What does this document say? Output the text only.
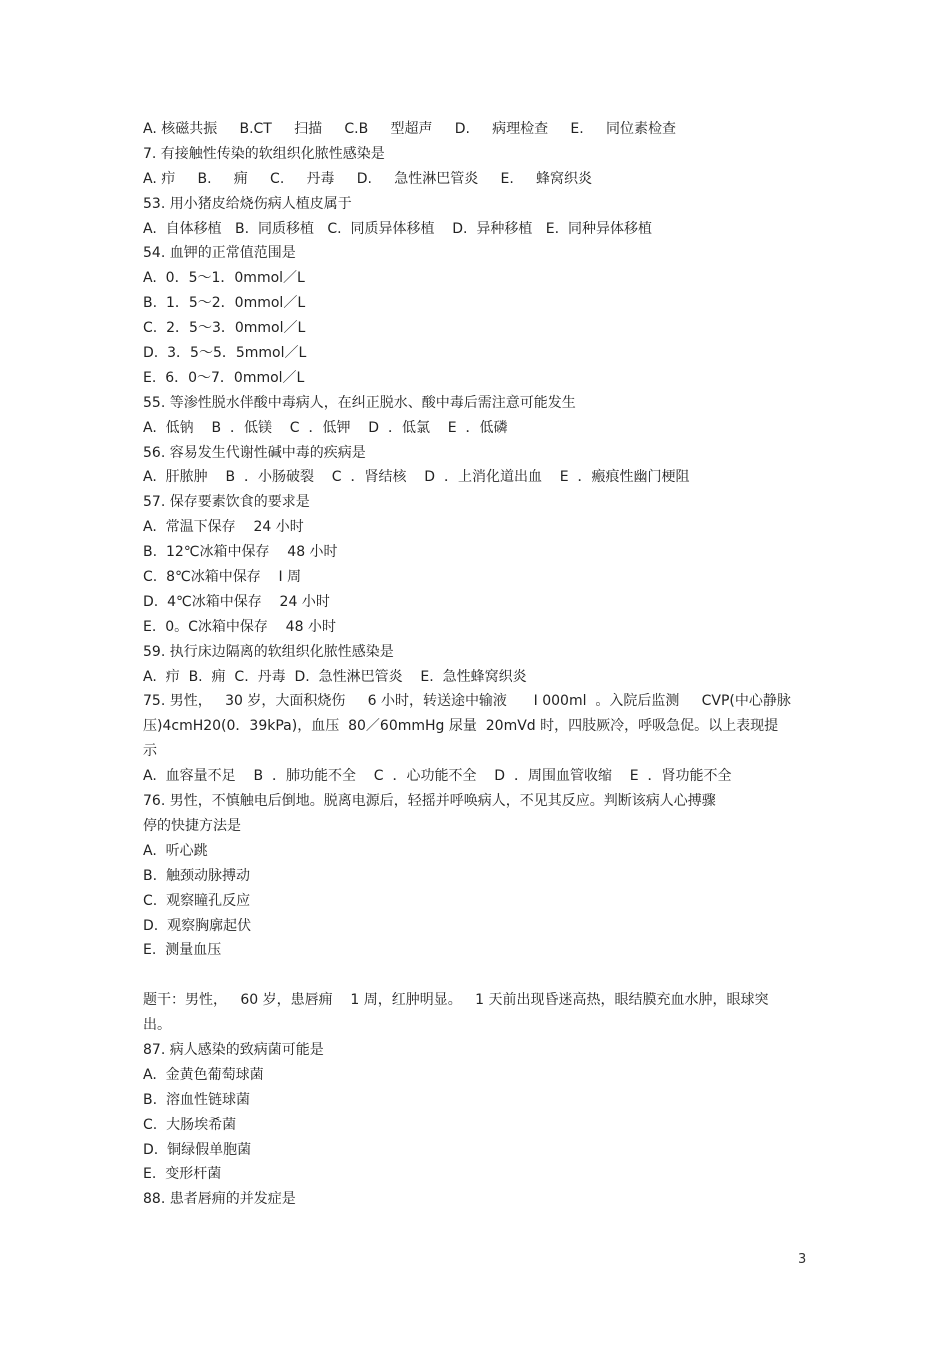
A. 核磁共振     B.CT     扫描     C.B     型超声     D.     病理检查     E.     同位素检查
7. 有接触性传染的软组织化脓性感染是
A. 疖     B.     痈     C.     丹毒     D.     急性淋巴管炎     E.     蜂窝织炎
53. 用小猪皮给烧伤病人植皮属于
A.  自体移植   B.  同质移植   C.  同质异体移植    D.  异种移植   E.  同种异体移植
54. 血钾的正常值范围是
A.  0．5～1．0mmol／L
B.  1．5～2．0mmol／L
C.  2．5～3．0mmol／L
D.  3．5～5．5mmol／L
E.  6．0～7．0mmol／L
55. 等渗性脱水伴酸中毒病人，在纠正脱水、酸中毒后需注意可能发生
A.  低钠    B  ．低镁    C  ．低钾    D  ．低氯    E  ．低磷
56. 容易发生代谢性碱中毒的疾病是
A.  肝脓肿    B  ．小肠破裂    C  ．肾结核    D  ．上消化道出血    E  ．瘢痕性幽门梗阻
57. 保存要素饮食的要求是
A.  常温下保存    24 小时
B.  12℃冰箱中保存    48 小时
C.  8℃冰箱中保存    I 周
D.  4℃冰箱中保存    24 小时
E.  0。C冰箱中保存    48 小时
59. 执行床边隔离的软组织化脓性感染是
A.  疖  B.  痈  C.  丹毒  D.  急性淋巴管炎    E.  急性蜂窝织炎
75. 男性，   30 岁，大面积烧伤     6 小时，转送途中输液      I 000ml  。入院后监测     CVP(中心静脉
压)4cmH20(0．39kPa)，血压  80／60mmHg 尿量  20mVd 时，四肢厥冷，呼吸急促。以上表现提
示
A.  血容量不足    B  ．肺功能不全    C  ．心功能不全    D  ．周围血管收缩    E  ．肾功能不全
76. 男性，不慎触电后倒地。脱离电源后，轻摇并呼唤病人，不见其反应。判断该病人心搏骤
停的快捷方法是
A.  听心跳
B.  触颈动脉搏动
C.  观察瞳孔反应
D.  观察胸廓起伏
E.  测量血压
题干：男性，   60 岁，患唇痈    1 周，红肿明显。   1 天前出现昏迷高热，眼结膜充血水肿，眼球突
出。
87. 病人感染的致病菌可能是
A.  金黄色葡萄球菌
B.  溶血性链球菌
C.  大肠埃希菌
D.  铜绿假单胞菌
E.  变形杆菌
88. 患者唇痈的并发症是
3
